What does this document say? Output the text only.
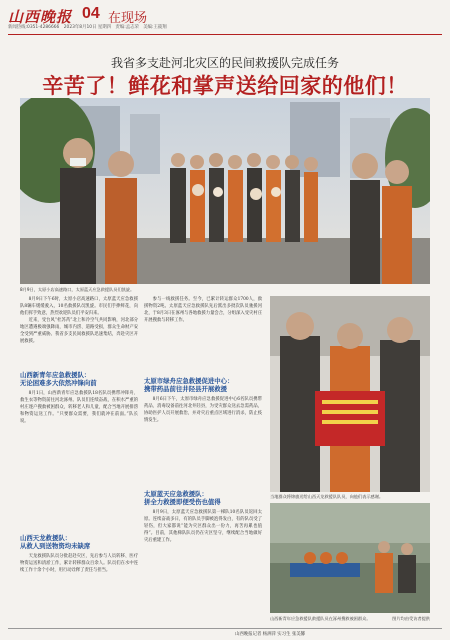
山西晚报 04 在现场
新闻热线:0351-4286666　2023年8月10日 星期四　责编:孟志荣　美编:王筱翔
我省多支赴河北灾区的民间救援队完成任务
辛苦了！鲜花和掌声送给回家的他们！
8月9日，太原小店高速路口，太原蓝天应急救援队员们凯旋。

8月9日下午6时，太原小店高速路口，太原蓝天应急救援队8辆车缓缓驶入，10名救援队员凯旋。市民们手捧鲜花，向他们挥手致意，热烈欢迎队员们平安归来。

近来，受台风“杜苏芮”北上和冷空气共同影响，河北部分地区遭遇极端强降雨，城市内涝、道路受损，群众生命财产安全受到严重威胁。我省多支民间救援队迅速集结，奔赴灾区开展救援。

山西新青年应急救援队：
无论困难多大依然冲锋向前

8月1日，山西新青年应急救援队18名队员携带冲锋舟、救生衣等物资前往河北涿州。队员们连续奋战，在积水严重的村庄逐户搜救被困群众，转移老人和儿童，配合当地开展排涝和物资运送工作。“只要群众需要，我们就冲在前面。”队长说。

山西天龙救援队：
从救人到送物资均未缺席

天龙救援队队员分批赶赴灾区，先后参与人员转移、医疗物资运送和清淤工作，累计转移群众百余人。队员们在水中连续工作十余个小时，用行动诠释了责任与担当。

参与一线救援任务。至今，已累计转运群众1700人，救援物资2吨。太原蓝天应急救援队先后派出多批次队员驰援河北，于8月3日在涿州与各地救援力量会合，分组深入受灾村庄开展搜救与转移工作。

太原市绿舟应急救援促进中心：
携带药品前往井陉县开展救援

8月6日下午，太原市绿舟应急救援促进中心6名队员携带药品、消毒设备前往河北井陉县，为受灾群众送去急需药品，协助医护人员开展救治，并对灾后重点区域进行消杀，防止疫情发生。

太原蓝天应急救援队：
拼全力救援即便受伤也值得

8月9日，太原蓝天应急救援队第一梯队10名队员返回太原。连续奋战多日，有的队员手脚被泡得发白，有的队员受了轻伤，但大家都说“能为灾区群众出一份力，再苦再累也值得”。目前，其他梯队队员仍在灾区坚守，继续配合当地做好灾后重建工作。

当地群众将锦旗送给山西天龙救援队队员，向他们表示感谢。
山西新青年应急救援队救援队员在涿州搜救被困群众。	图片均由受访者提供
山西晚报记者 杨洲萍 实习生 张美馨
